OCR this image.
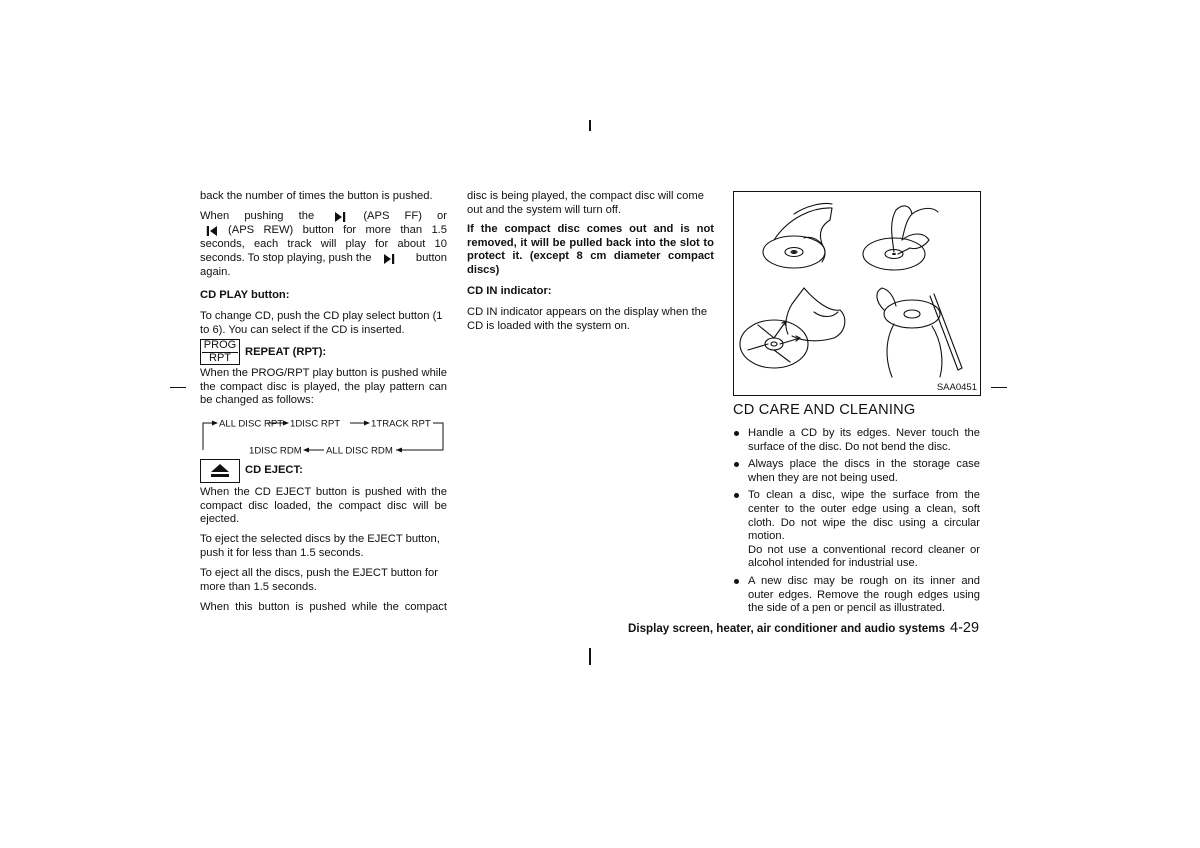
back the number of times the button is pushed.
When pushing the	(APS FF) or
(APS REW) button for more than 1.5
seconds, each track will play for about 10
seconds. To stop playing, push the	button
again.
CD PLAY button:
To change CD, push the CD play select button (1 to 6). You can select if the CD is inserted.
PROG
RPT	REPEAT (RPT):
When the PROG/RPT play button is pushed while the compact disc is played, the play pattern can be changed as follows:
ALL DISC RPT 1DISC RPT	1TRACK RPT
1DISC RDM	ALL DISC RDM
CD EJECT:
When the CD EJECT button is pushed with the compact disc loaded, the compact disc will be ejected.
To eject the selected discs by the EJECT button, push it for less than 1.5 seconds.
To eject all the discs, push the EJECT button for more than 1.5 seconds.
When this button is pushed while the compact
disc is being played, the compact disc will come out and the system will turn off.
If the compact disc comes out and is not removed, it will be pulled back into the slot to protect it. (except 8 cm diameter compact discs)
CD IN indicator:
CD IN indicator appears on the display when the CD is loaded with the system on.
SAA0451
CD CARE AND CLEANING
Handle a CD by its edges. Never touch the surface of the disc. Do not bend the disc.
Always place the discs in the storage case when they are not being used.
To clean a disc, wipe the surface from the center to the outer edge using a clean, soft cloth. Do not wipe the disc using a circular motion.
Do not use a conventional record cleaner or alcohol intended for industrial use.
A new disc may be rough on its inner and outer edges. Remove the rough edges using the side of a pen or pencil as illustrated.
Display screen, heater, air conditioner and audio systems 4-29
